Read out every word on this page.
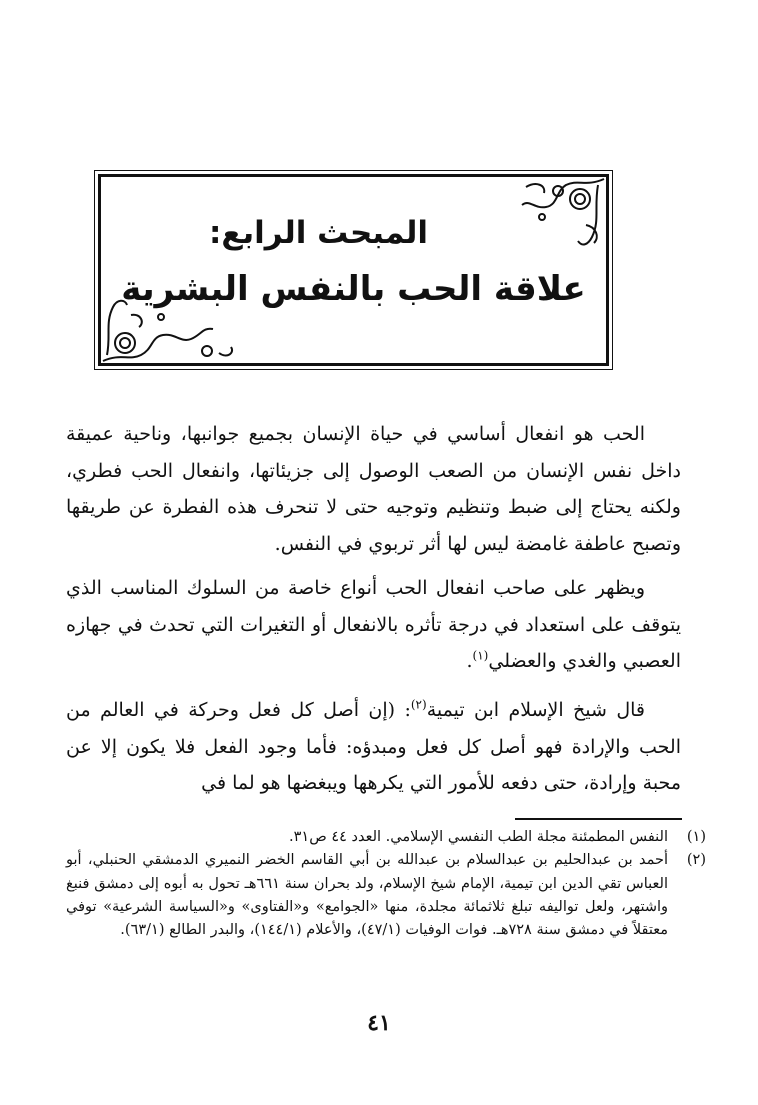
المبحث الرابع:
علاقة الحب بالنفس البشرية
الحب هو انفعال أساسي في حياة الإنسان بجميع جوانبها، وناحية عميقة داخل نفس الإنسان من الصعب الوصول إلى جزيئاتها، وانفعال الحب فطري، ولكنه يحتاج إلى ضبط وتنظيم وتوجيه حتى لا تنحرف هذه الفطرة عن طريقها وتصبح عاطفة غامضة ليس لها أثر تربوي في النفس.
ويظهر على صاحب انفعال الحب أنواع خاصة من السلوك المناسب الذي يتوقف على استعداد في درجة تأثره بالانفعال أو التغيرات التي تحدث في جهازه العصبي والغدي والعضلي$^{(١)}$.
قال شيخ الإسلام ابن تيمية$^{(٢)}$: (إن أصل كل فعل وحركة في العالم من الحب والإرادة فهو أصل كل فعل ومبدؤه: فأما وجود الفعل فلا يكون إلا عن محبة وإرادة، حتى دفعه للأمور التي يكرهها ويبغضها هو لما في
(١)
النفس المطمئنة مجلة الطب النفسي الإسلامي. العدد ٤٤ ص٣١.
(٢)
أحمد بن عبدالحليم بن عبدالسلام بن عبدالله بن أبي القاسم الخضر النميري الدمشقي الحنبلي، أبو العباس تقي الدين ابن تيمية، الإمام شيخ الإسلام، ولد بحران سنة ٦٦١هـ تحول به أبوه إلى دمشق فنبغ واشتهر، ولعل تواليفه تبلغ ثلاثمائة مجلدة، منها «الجوامع» و«الفتاوى» و«السياسة الشرعية» توفي معتقلاً في دمشق سنة ٧٢٨هـ. فوات الوفيات (٤٧/١)، والأعلام (١٤٤/١)، والبدر الطالع (٦٣/١).
٤١
